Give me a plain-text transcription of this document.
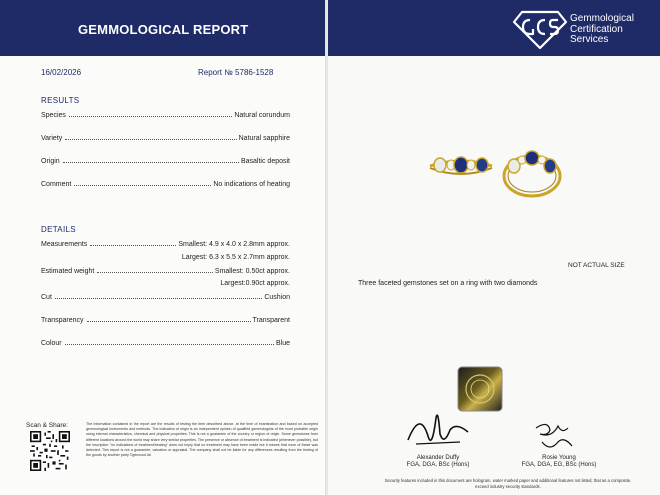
GEMMOLOGICAL REPORT
16/02/2026	Report № 5786-1528
RESULTS
Species	Natural corundum
Variety	Natural sapphire
Origin	Basaltic deposit
Comment	No indications of heating
DETAILS
Measurements	Smallest: 4.9 x 4.0 x 2.8mm approx.
Largest: 6.3 x 5.5 x 2.7mm approx.
Estimated weight	Smallest: 0.50ct approx.
Largest:0.90ct approx.
Cut	Cushion
Transparency	Transparent
Colour	Blue
Scan & Share:	The information contained in the report are the results of testing the item described above, at the time of examination and based on accepted gemmological instruments and methods. The indication of origin is an independent opinion of qualified gemmologists of the most probable origin using internal characteristics, chemical and physical properties. This is not a guarantee of the country or region of origin. Some gemstones from different locations around the world may share very similar properties. The presence or absence of treatment is indicated (whenever possible), but the inscription "no indications of treatment/heating" does not imply that no treatment may have been made but it means that none of these was detected. This report is not a guarantee, valuation or appraisal. The company shall not be liable for any differences resulting from the testing of the goods by another party ©gemcool.ltd
Gemmological
Certification
Services
NOT ACTUAL SIZE
Three faceted gemstones set on a ring with two diamonds
Alexander Duffy
FGA, DGA, BSc (Hons)
Rosie Young
FGA, DGA, EG, BSc (Hons)
Security features included in this document are hologram, water marked paper and additional features not listed, that as a composite, exceed industry security standards.
